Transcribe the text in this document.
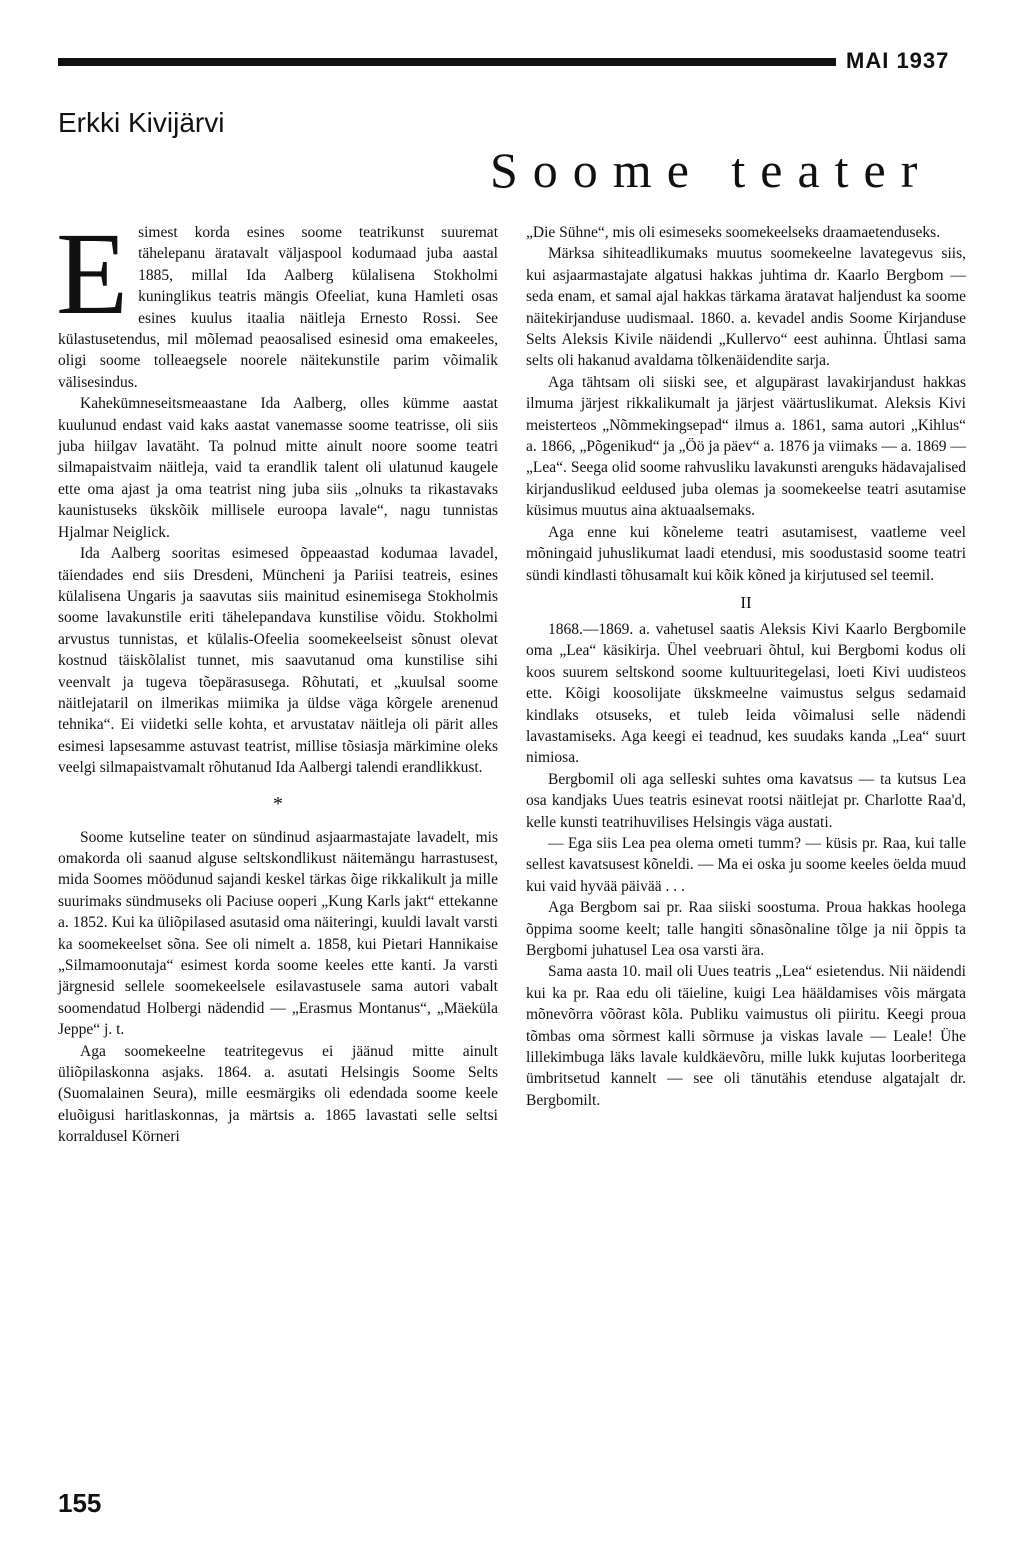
MAI 1937
Erkki Kivijärvi
Soome teater

Esimest korda esines soome teatrikunst suuremat tähelepanu äratavalt väljaspool kodumaad juba aastal 1885, millal Ida Aalberg külalisena Stokholmi kuninglikus teatris mängis Ofeeliat, kuna Hamleti osas esines kuulus itaalia näitleja Ernesto Rossi. See külastusetendus, mil mõlemad peaosalised esinesid oma emakeeles, oligi soome tolleaegsele noorele näitekunstile parim võimalik välisesindus.

Kahekümneseitsmeaastane Ida Aalberg, olles kümme aastat kuulunud endast vaid kaks aastat vanemasse soome teatrisse, oli siis juba hiilgav lavatäht. Ta polnud mitte ainult noore soome teatri silmapaistvaim näitleja, vaid ta erandlik talent oli ulatunud kaugele ette oma ajast ja oma teatrist ning juba siis „olnuks ta rikastavaks kaunistuseks ükskõik millisele euroopa lavale“, nagu tunnistas Hjalmar Neiglick.

Ida Aalberg sooritas esimesed õppeaastad kodumaa lavadel, täiendades end siis Dresdeni, Müncheni ja Pariisi teatreis, esines külalisena Ungaris ja saavutas siis mainitud esinemisega Stokholmis soome lavakunstile eriti tähelepandava kunstilise võidu. Stokholmi arvustus tunnistas, et külalis-Ofeelia soomekeelseist sõnust olevat kostnud täiskõlalist tunnet, mis saavutanud oma kunstilise sihi veenvalt ja tugeva tõepärasusega. Rõhutati, et „kuulsal soome näitlejataril on ilmerikas miimika ja üldse väga kõrgele arenenud tehnika“. Ei viidetki selle kohta, et arvustatav näitleja oli pärit alles esimesi lapsesamme astuvast teatrist, millise tõsiasja märkimine oleks veelgi silmapaistvamalt rõhutanud Ida Aalbergi talendi erandlikkust.

*

Soome kutseline teater on sündinud asjaarmastajate lavadelt, mis omakorda oli saanud alguse seltskondlikust näitemängu harrastusest, mida Soomes möödunud sajandi keskel tärkas õige rikkalikult ja mille suurimaks sündmuseks oli Paciuse ooperi „Kung Karls jakt“ ettekanne a. 1852. Kui ka üliõpilased asutasid oma näiteringi, kuuldi lavalt varsti ka soomekeelset sõna. See oli nimelt a. 1858, kui Pietari Hannikaise „Silmamoonutaja“ esimest korda soome keeles ette kanti. Ja varsti järgnesid sellele soomekeelsele esilavastusele sama autori vabalt soomendatud Holbergi nädendid — „Erasmus Montanus“, „Mäeküla Jeppe“ j. t.

Aga soomekeelne teatritegevus ei jäänud mitte ainult üliõpilaskonna asjaks. 1864. a. asutati Helsingis Soome Selts (Suomalainen Seura), mille eesmärgiks oli edendada soome keele eluõigusi haritlaskonnas, ja märtsis a. 1865 lavastati selle seltsi korraldusel Körneri

„Die Sühne“, mis oli esimeseks soomekeelseks draamaetenduseks.

Märksa sihiteadlikumaks muutus soomekeelne lavategevus siis, kui asjaarmastajate algatusi hakkas juhtima dr. Kaarlo Bergbom — seda enam, et samal ajal hakkas tärkama äratavat haljendust ka soome näitekirjanduse uudismaal. 1860. a. kevadel andis Soome Kirjanduse Selts Aleksis Kivile näidendi „Kullervo“ eest auhinna. Ühtlasi sama selts oli hakanud avaldama tõlkenäidendite sarja.

Aga tähtsam oli siiski see, et algupärast lavakirjandust hakkas ilmuma järjest rikkalikumalt ja järjest väärtuslikumat. Aleksis Kivi meisterteos „Nõmmekingsepad“ ilmus a. 1861, sama autori „Kihlus“ a. 1866, „Põgenikud“ ja „Öö ja päev“ a. 1876 ja viimaks — a. 1869 — „Lea“. Seega olid soome rahvusliku lavakunsti arenguks hädavajalised kirjanduslikud eeldused juba olemas ja soomekeelse teatri asutamise küsimus muutus aina aktuaalsemaks.

Aga enne kui kõneleme teatri asutamisest, vaatleme veel mõningaid juhuslikumat laadi etendusi, mis soodustasid soome teatri sündi kindlasti tõhusamalt kui kõik kõned ja kirjutused sel teemil.

II

1868.—1869. a. vahetusel saatis Aleksis Kivi Kaarlo Bergbomile oma „Lea“ käsikirja. Ühel veebruari õhtul, kui Bergbomi kodus oli koos suurem seltskond soome kultuuritegelasi, loeti Kivi uudisteos ette. Kõigi koosolijate ükskmeelne vaimustus selgus sedamaid kindlaks otsuseks, et tuleb leida võimalusi selle nädendi lavastamiseks. Aga keegi ei teadnud, kes suudaks kanda „Lea“ suurt nimiosa.

Bergbomil oli aga selleski suhtes oma kavatsus — ta kutsus Lea osa kandjaks Uues teatris esinevat rootsi näitlejat pr. Charlotte Raa'd, kelle kunsti teatrihuvilises Helsingis väga austati.

— Ega siis Lea pea olema ometi tumm? — küsis pr. Raa, kui talle sellest kavatsusest kõneldi. — Ma ei oska ju soome keeles öelda muud kui vaid hyvää päivää . . .

Aga Bergbom sai pr. Raa siiski soostuma. Proua hakkas hoolega õppima soome keelt; talle hangiti sõnasõnaline tõlge ja nii õppis ta Bergbomi juhatusel Lea osa varsti ära.

Sama aasta 10. mail oli Uues teatris „Lea“ esietendus. Nii näidendi kui ka pr. Raa edu oli täieline, kuigi Lea hääldamises võis märgata mõnevõrra võõrast kõla. Publiku vaimustus oli piiritu. Keegi proua tõmbas oma sõrmest kalli sõrmuse ja viskas lavale — Leale! Ühe lillekimbuga läks lavale kuldkäevõru, mille lukk kujutas loorberitega ümbritsetud kannelt — see oli tänutähis etenduse algatajalt dr. Bergbomilt.

155
